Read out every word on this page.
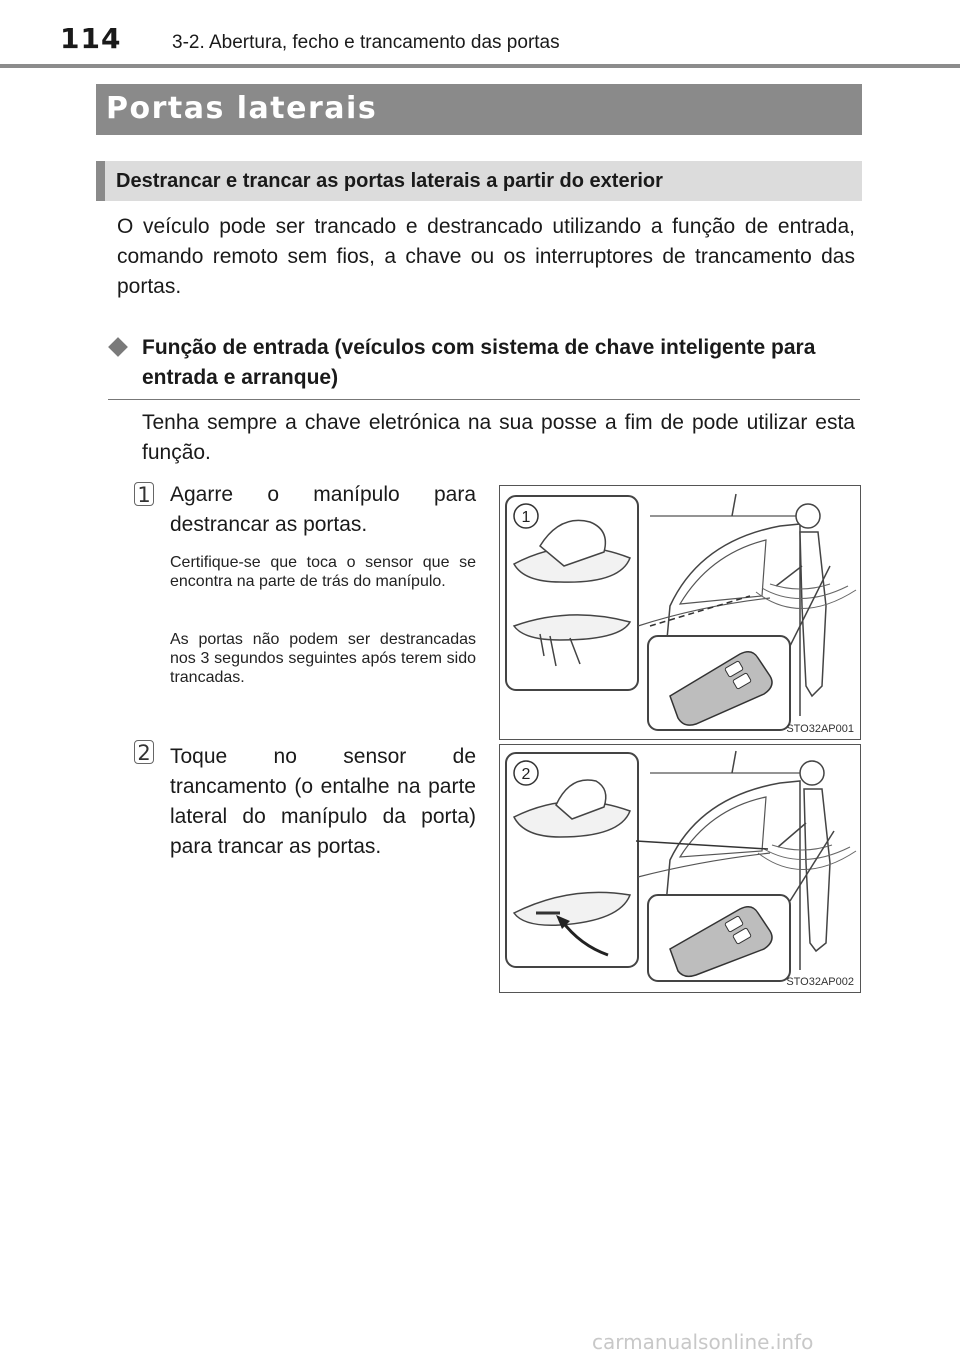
114	3-2. Abertura, fecho e trancamento das portas
Portas laterais
Destrancar e trancar as portas laterais a partir do exterior

O veículo pode ser trancado e destrancado utilizando a função de entrada, comando remoto sem fios, a chave ou os interruptores de trancamento das portas.

Função de entrada (veículos com sistema de chave inteligente para entrada e arranque)

Tenha sempre a chave eletrónica na sua posse a fim de pode utilizar esta função.

1 Agarre o manípulo para destrancar as portas.

Certifique-se que toca o sensor que se encontra na parte de trás do manípulo.

As portas não podem ser destrancadas nos 3 segundos seguintes após terem sido trancadas.

1
STO32AP001
2 Toque no sensor de trancamento (o entalhe na parte lateral do manípulo da porta) para trancar as portas.

2
STO32AP002
carmanualsonline.info
